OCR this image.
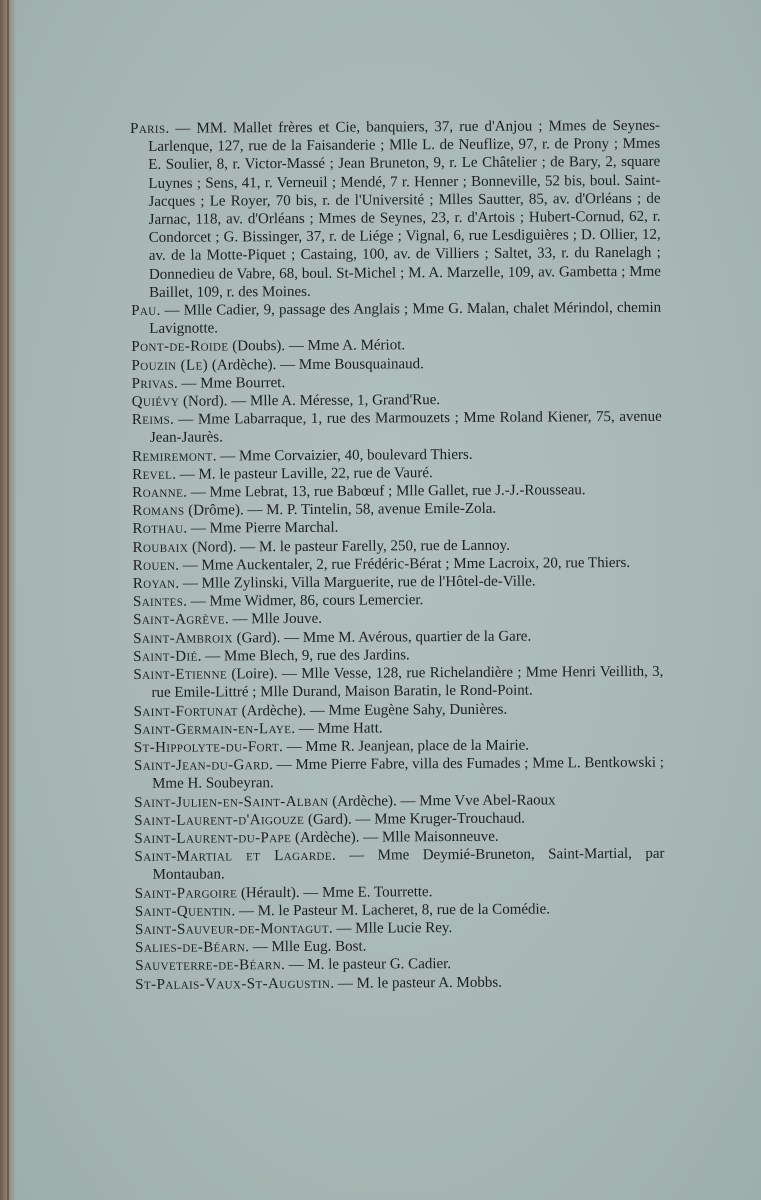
Paris. — MM. Mallet frères et Cie, banquiers, 37, rue d'Anjou ; Mmes de Seynes-Larlenque, 127, rue de la Faisanderie ; Mlle L. de Neuflize, 97, r. de Prony ; Mmes E. Soulier, 8, r. Victor-Massé ; Jean Bruneton, 9, r. Le Châtelier ; de Bary, 2, square Luynes ; Sens, 41, r. Verneuil ; Mendé, 7 r. Henner ; Bonneville, 52 bis, boul. Saint-Jacques ; Le Royer, 70 bis, r. de l'Université ; Mlles Sautter, 85, av. d'Orléans ; de Jarnac, 118, av. d'Orléans ; Mmes de Seynes, 23, r. d'Artois ; Hubert-Cornud, 62, r. Condorcet ; G. Bissinger, 37, r. de Liége ; Vignal, 6, rue Lesdiguières ; D. Ollier, 12, av. de la Motte-Piquet ; Castaing, 100, av. de Villiers ; Saltet, 33, r. du Ranelagh ; Donnedieu de Vabre, 68, boul. St-Michel ; M. A. Marzelle, 109, av. Gambetta ; Mme Baillet, 109, r. des Moines.

Pau. — Mlle Cadier, 9, passage des Anglais ; Mme G. Malan, chalet Mérindol, chemin Lavignotte.

Pont-de-Roide (Doubs). — Mme A. Mériot.

Pouzin (Le) (Ardèche). — Mme Bousquainaud.

Privas. — Mme Bourret.

Quiévy (Nord). — Mlle A. Méresse, 1, Grand'Rue.

Reims. — Mme Labarraque, 1, rue des Marmouzets ; Mme Roland Kiener, 75, avenue Jean-Jaurès.

Remiremont. — Mme Corvaizier, 40, boulevard Thiers.

Revel. — M. le pasteur Laville, 22, rue de Vauré.

Roanne. — Mme Lebrat, 13, rue Babœuf ; Mlle Gallet, rue J.-J.-Rousseau.

Romans (Drôme). — M. P. Tintelin, 58, avenue Emile-Zola.

Rothau. — Mme Pierre Marchal.

Roubaix (Nord). — M. le pasteur Farelly, 250, rue de Lannoy.

Rouen. — Mme Auckentaler, 2, rue Frédéric-Bérat ; Mme Lacroix, 20, rue Thiers.

Royan. — Mlle Zylinski, Villa Marguerite, rue de l'Hôtel-de-Ville.

Saintes. — Mme Widmer, 86, cours Lemercier.

Saint-Agrève. — Mlle Jouve.

Saint-Ambroix (Gard). — Mme M. Avérous, quartier de la Gare.

Saint-Dié. — Mme Blech, 9, rue des Jardins.

Saint-Etienne (Loire). — Mlle Vesse, 128, rue Richelandière ; Mme Henri Veillith, 3, rue Emile-Littré ; Mlle Durand, Maison Baratin, le Rond-Point.

Saint-Fortunat (Ardèche). — Mme Eugène Sahy, Dunières.

Saint-Germain-en-Laye. — Mme Hatt.

St-Hippolyte-du-Fort. — Mme R. Jeanjean, place de la Mairie.

Saint-Jean-du-Gard. — Mme Pierre Fabre, villa des Fumades ; Mme L. Bentkowski ; Mme H. Soubeyran.

Saint-Julien-en-Saint-Alban (Ardèche). — Mme Vve Abel-Raoux

Saint-Laurent-d'Aigouze (Gard). — Mme Kruger-Trouchaud.

Saint-Laurent-du-Pape (Ardèche). — Mlle Maisonneuve.

Saint-Martial et Lagarde. — Mme Deymié-Bruneton, Saint-Martial, par Montauban.

Saint-Pargoire (Hérault). — Mme E. Tourrette.

Saint-Quentin. — M. le Pasteur M. Lacheret, 8, rue de la Comédie.

Saint-Sauveur-de-Montagut. — Mlle Lucie Rey.

Salies-de-Béarn. — Mlle Eug. Bost.

Sauveterre-de-Béarn. — M. le pasteur G. Cadier.

St-Palais-Vaux-St-Augustin. — M. le pasteur A. Mobbs.
